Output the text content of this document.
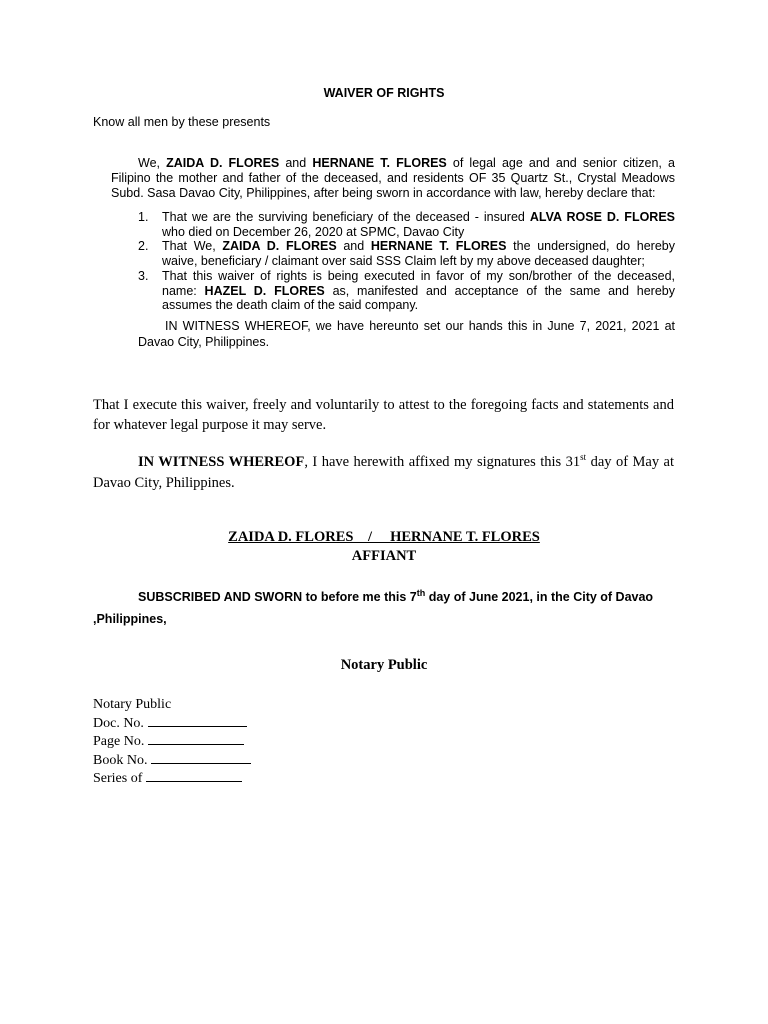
WAIVER OF RIGHTS
Know all men by these presents
We, ZAIDA D. FLORES and HERNANE T. FLORES of legal age and and senior citizen, a Filipino the mother and father of the deceased, and residents OF 35 Quartz St., Crystal Meadows Subd. Sasa Davao City, Philippines, after being sworn in accordance with law, hereby declare that:
1. That we are the surviving beneficiary of the deceased - insured ALVA ROSE D. FLORES who died on December 26, 2020 at SPMC, Davao City
2. That We, ZAIDA D. FLORES and HERNANE T. FLORES the undersigned, do hereby waive, beneficiary / claimant over said SSS Claim left by my above deceased daughter;
3. That this waiver of rights is being executed in favor of my son/brother of the deceased, name: HAZEL D. FLORES as, manifested and acceptance of the same and hereby assumes the death claim of the said company.
IN WITNESS WHEREOF, we have hereunto set our hands this in June 7, 2021, 2021 at Davao City, Philippines.
That I execute this waiver, freely and voluntarily to attest to the foregoing facts and statements and for whatever legal purpose it may serve.
IN WITNESS WHEREOF, I have herewith affixed my signatures this 31st day of May at Davao City, Philippines.
ZAIDA D. FLORES    /     HERNANE T. FLORES
AFFIANT
SUBSCRIBED AND SWORN to before me this 7th day of June 2021, in the City of Davao ,Philippines,
Notary Public
Notary Public
Doc. No.
Page No.
Book No.
Series of
